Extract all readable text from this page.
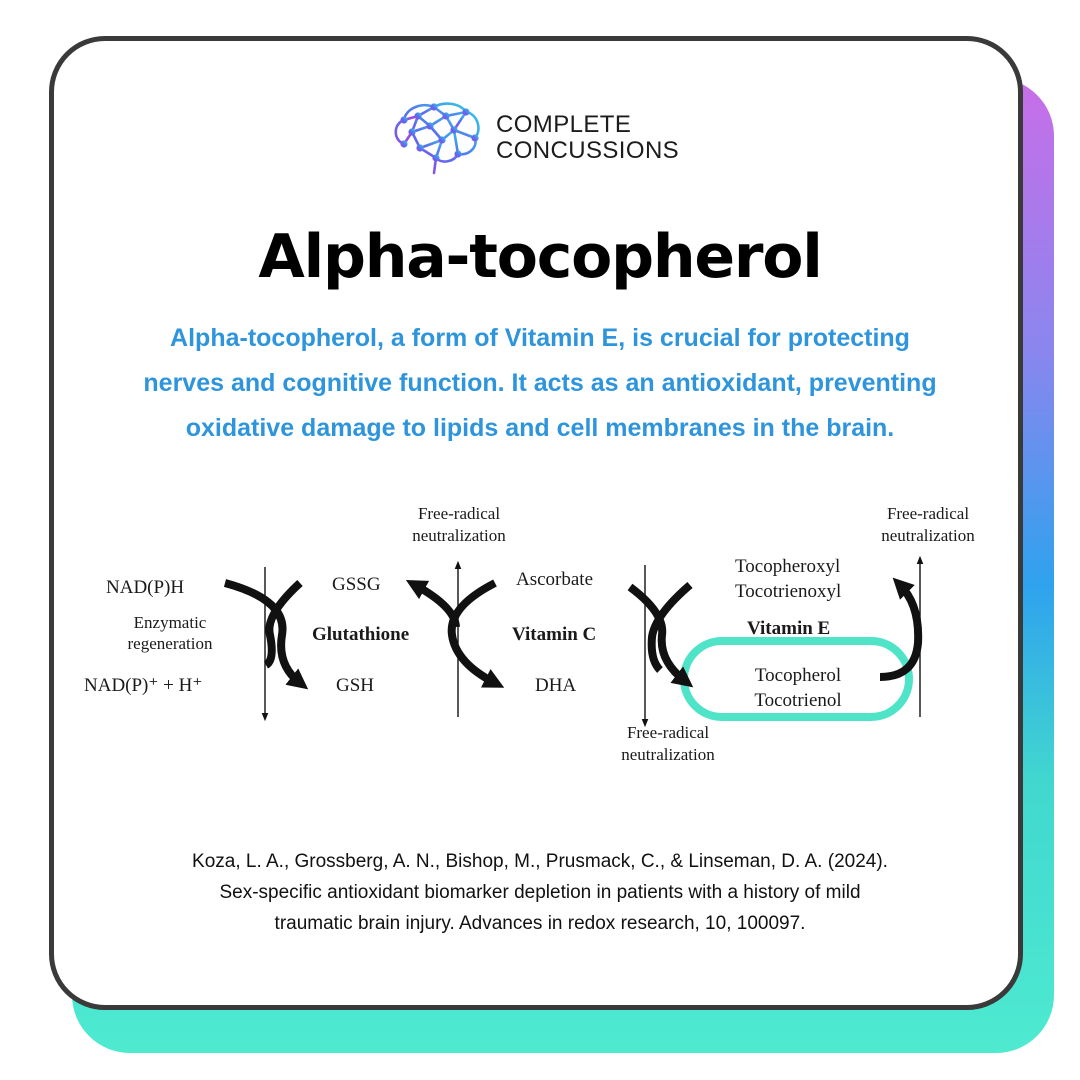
COMPLETE
CONCUSSIONS
Alpha-tocopherol
Alpha-tocopherol, a form of Vitamin E, is crucial for protecting
nerves and cognitive function. It acts as an antioxidant, preventing
oxidative damage to lipids and cell membranes in the brain.
NAD(P)H
Enzymatic
regeneration
NAD(P)⁺ + H⁺
GSSG
Glutathione
GSH
Free-radical
neutralization
Ascorbate
Vitamin C
DHA
Free-radical
neutralization
Tocopheroxyl
Tocotrienoxyl
Vitamin E
Tocopherol
Tocotrienol
Free-radical
neutralization
Koza, L. A., Grossberg, A. N., Bishop, M., Prusmack, C., & Linseman, D. A. (2024).
Sex-specific antioxidant biomarker depletion in patients with a history of mild
traumatic brain injury. Advances in redox research, 10, 100097.
